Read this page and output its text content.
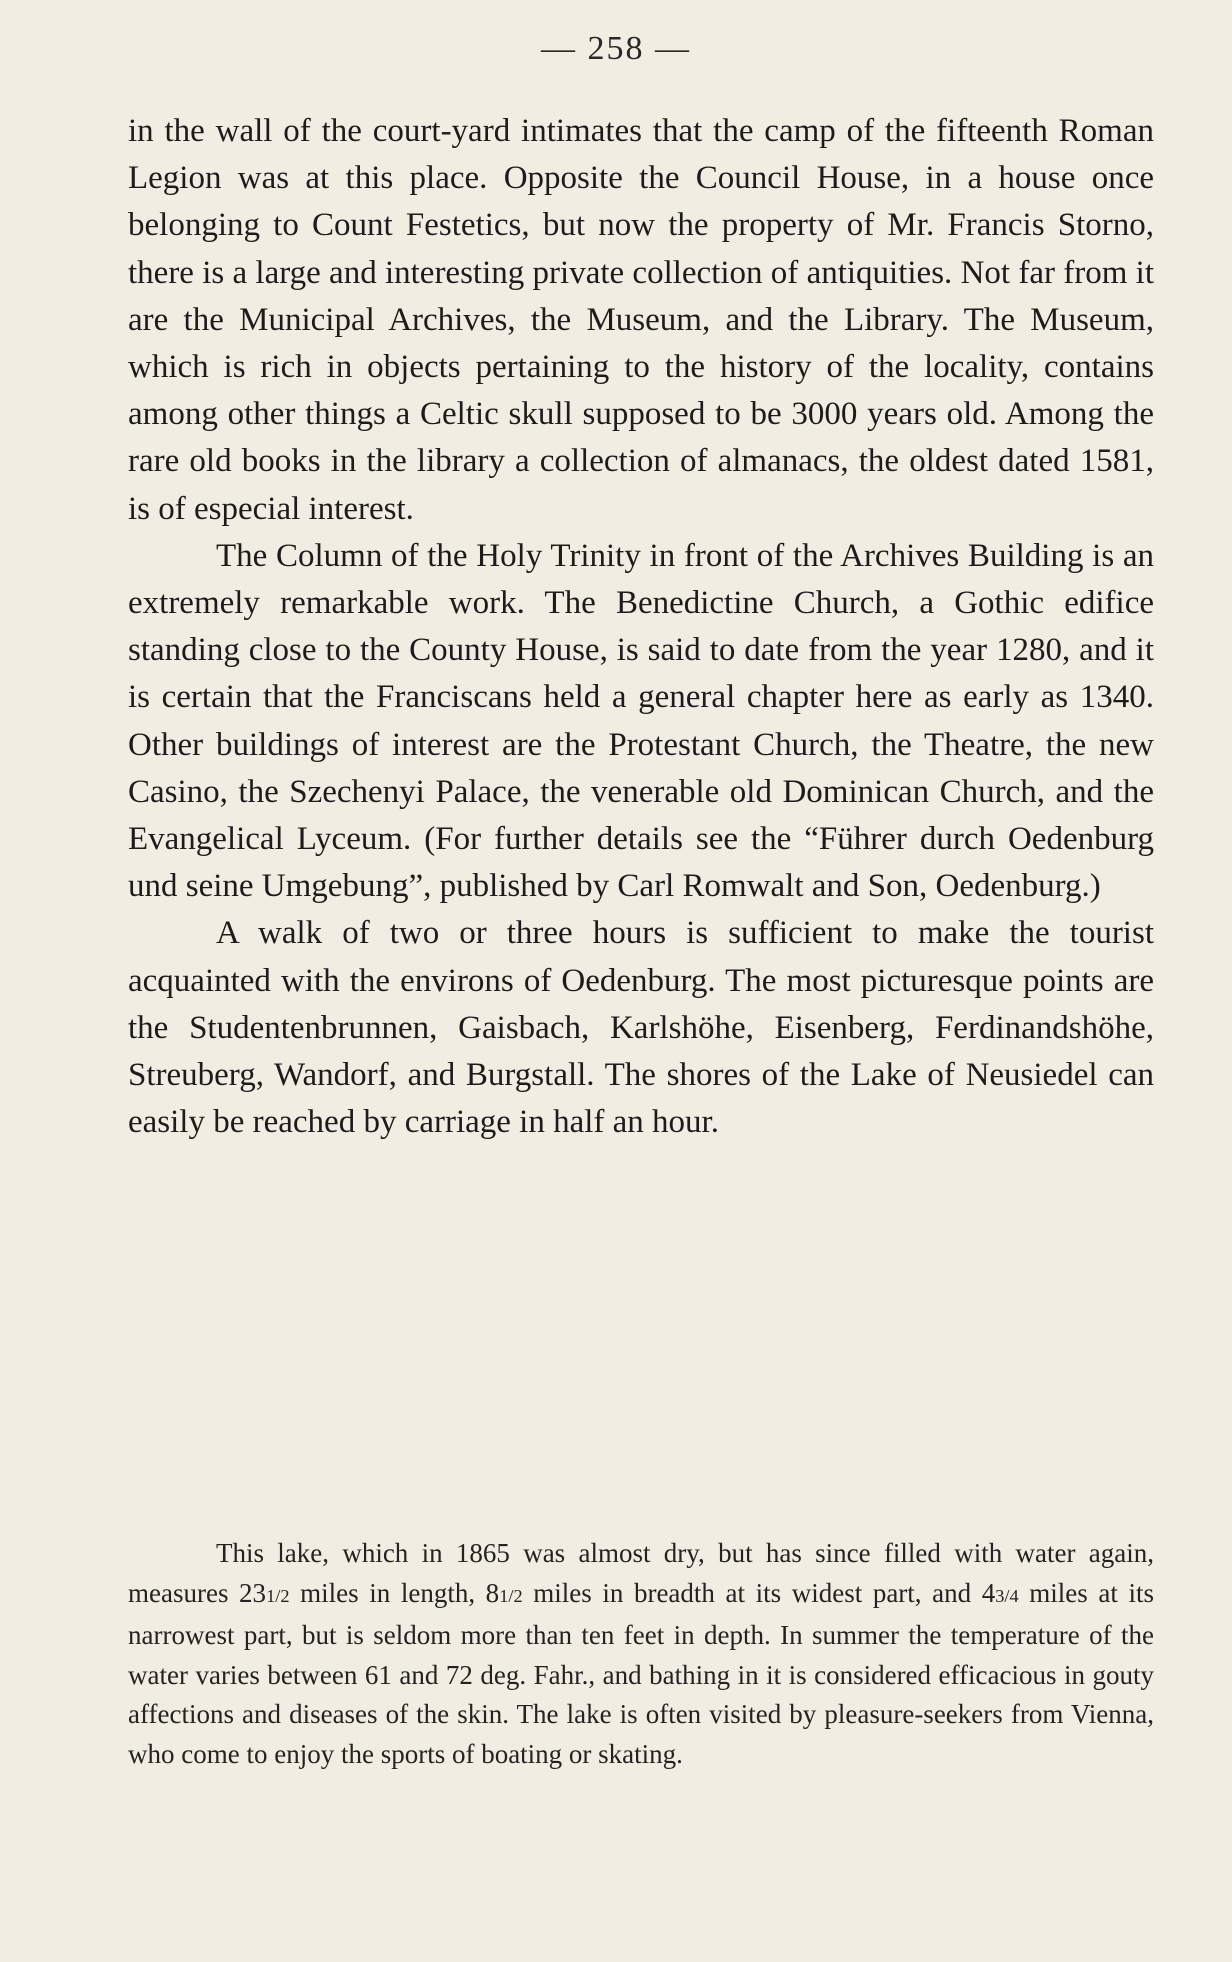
— 258 —

in the wall of the court-yard intimates that the camp of the fifteenth Roman Legion was at this place. Opposite the Council House, in a house once belonging to Count Festetics, but now the property of Mr. Francis Storno, there is a large and interesting private collection of antiquities. Not far from it are the Municipal Archives, the Museum, and the Library. The Museum, which is rich in objects pertaining to the history of the locality, contains among other things a Celtic skull supposed to be 3000 years old. Among the rare old books in the library a collection of almanacs, the oldest dated 1581, is of especial interest.

The Column of the Holy Trinity in front of the Archives Building is an extremely remarkable work. The Benedictine Church, a Gothic edifice standing close to the County House, is said to date from the year 1280, and it is certain that the Franciscans held a general chapter here as early as 1340. Other buildings of interest are the Protestant Church, the Theatre, the new Casino, the Szechenyi Palace, the venerable old Dominican Church, and the Evangelical Lyceum. (For further details see the “Führer durch Oedenburg und seine Umgebung”, published by Carl Romwalt and Son, Oedenburg.)

A walk of two or three hours is sufficient to make the tourist acquainted with the environs of Oedenburg. The most picturesque points are the Studentenbrunnen, Gaisbach, Karlshöhe, Eisenberg, Ferdinandshöhe, Streuberg, Wandorf, and Burgstall. The shores of the Lake of Neusiedel can easily be reached by carriage in half an hour.

This lake, which in 1865 was almost dry, but has since filled with water again, measures 231/2 miles in length, 81/2 miles in breadth at its widest part, and 43/4 miles at its narrowest part, but is seldom more than ten feet in depth. In summer the temperature of the water varies between 61 and 72 deg. Fahr., and bathing in it is considered efficacious in gouty affections and diseases of the skin. The lake is often visited by pleasure-seekers from Vienna, who come to enjoy the sports of boating or skating.
